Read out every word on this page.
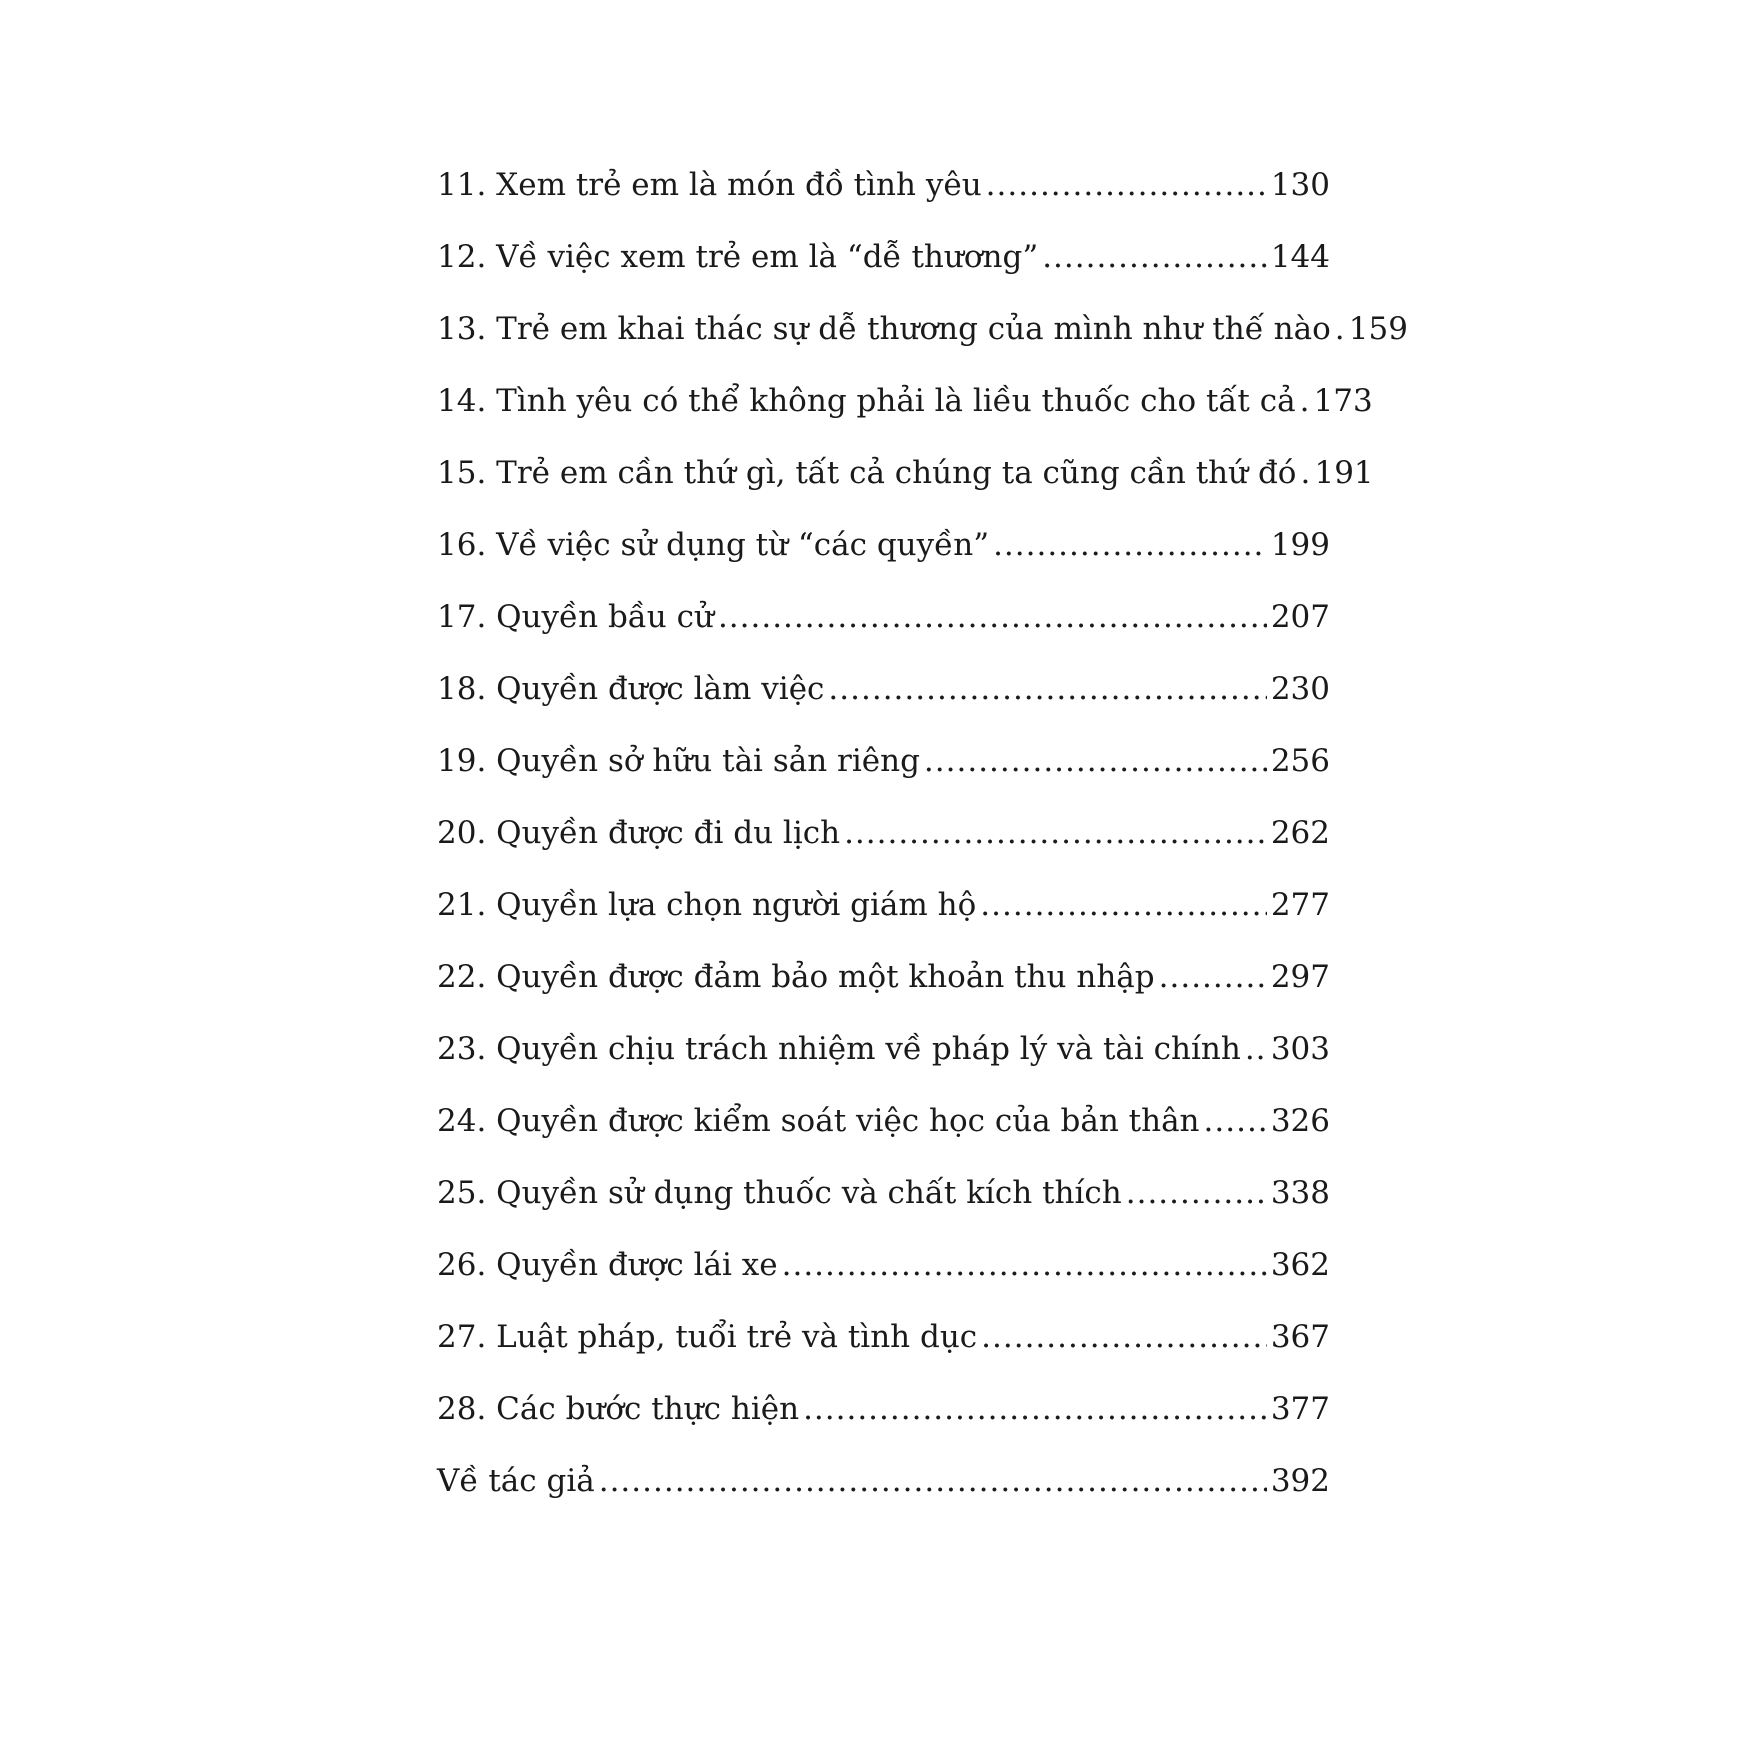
11. Xem trẻ em là món đồ tình yêu .....	130
12. Về việc xem trẻ em là “dễ thương” .....	144
13. Trẻ em khai thác sự dễ thương của mình như thế nào ..... 159
14. Tình yêu có thể không phải là liều thuốc cho tất cả ..... 173
15. Trẻ em cần thứ gì, tất cả chúng ta cũng cần thứ đó ..... 191
16. Về việc sử dụng từ “các quyền” .....	199
17. Quyền bầu cử .....	207
18. Quyền được làm việc .....	230
19. Quyền sở hữu tài sản riêng .....	256
20. Quyền được đi du lịch .....	262
21. Quyền lựa chọn người giám hộ .....	277
22. Quyền được đảm bảo một khoản thu nhập .....	297
23. Quyền chịu trách nhiệm về pháp lý và tài chính ..... 303
24. Quyền được kiểm soát việc học của bản thân ..... 326
25. Quyền sử dụng thuốc và chất kích thích .....	338
26. Quyền được lái xe .....	362
27. Luật pháp, tuổi trẻ và tình dục .....	367
28. Các bước thực hiện .....	377
Về tác giả .....	392
